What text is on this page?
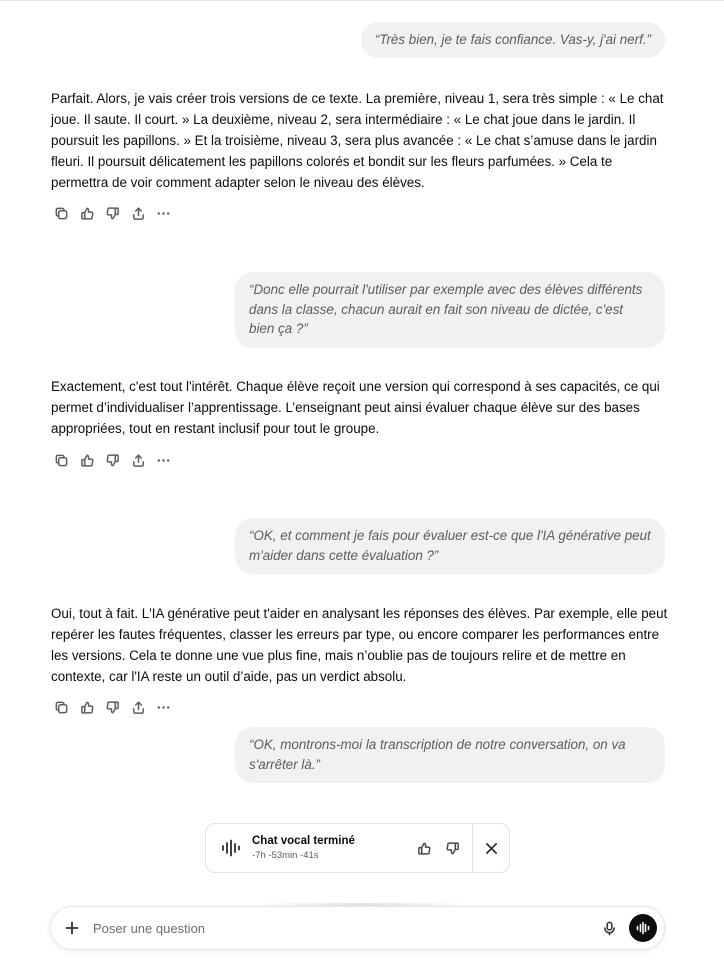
“Très bien, je te fais confiance. Vas-y, j'ai nerf.”
Parfait. Alors, je vais créer trois versions de ce texte. La première, niveau 1, sera très simple : « Le chat joue. Il saute. Il court. » La deuxième, niveau 2, sera intermédiaire : « Le chat joue dans le jardin. Il poursuit les papillons. » Et la troisième, niveau 3, sera plus avancée : « Le chat s’amuse dans le jardin fleuri. Il poursuit délicatement les papillons colorés et bondit sur les fleurs parfumées. » Cela te permettra de voir comment adapter selon le niveau des élèves.
“Donc elle pourrait l'utiliser par exemple avec des élèves différents dans la classe, chacun aurait en fait son niveau de dictée, c'est bien ça ?”
Exactement, c'est tout l'intérêt. Chaque élève reçoit une version qui correspond à ses capacités, ce qui permet d’individualiser l’apprentissage. L’enseignant peut ainsi évaluer chaque élève sur des bases appropriées, tout en restant inclusif pour tout le groupe.
“OK, et comment je fais pour évaluer est-ce que l'IA générative peut m'aider dans cette évaluation ?”
Oui, tout à fait. L'IA générative peut t'aider en analysant les réponses des élèves. Par exemple, elle peut repérer les fautes fréquentes, classer les erreurs par type, ou encore comparer les performances entre les versions. Cela te donne une vue plus fine, mais n’oublie pas de toujours relire et de mettre en contexte, car l'IA reste un outil d’aide, pas un verdict absolu.
“OK, montrons-moi la transcription de notre conversation, on va s'arrêter là.”
Chat vocal terminé
-7h -53min -41s
Poser une question
